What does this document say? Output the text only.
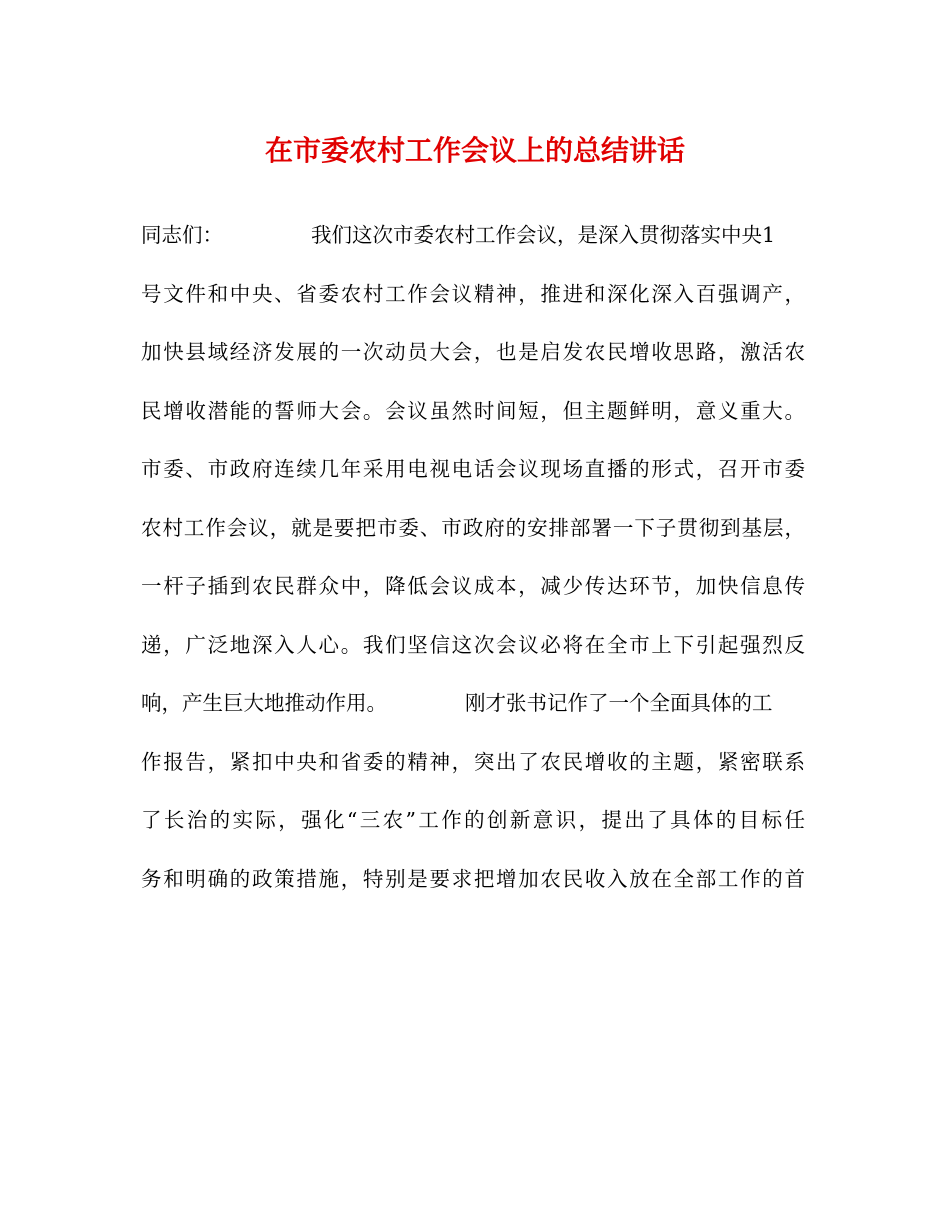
在市委农村工作会议上的总结讲话
同志们：	我们这次市委农村工作会议，是深入贯彻落实中央1
号文件和中央、省委农村工作会议精神，推进和深化深入百强调产，
加快县域经济发展的一次动员大会，也是启发农民增收思路，激活农
民增收潜能的誓师大会。会议虽然时间短，但主题鲜明，意义重大。
市委、市政府连续几年采用电视电话会议现场直播的形式，召开市委
农村工作会议，就是要把市委、市政府的安排部署一下子贯彻到基层，
一杆子插到农民群众中，降低会议成本，减少传达环节，加快信息传
递，广泛地深入人心。我们坚信这次会议必将在全市上下引起强烈反
响，产生巨大地推动作用。	刚才张书记作了一个全面具体的工
作报告，紧扣中央和省委的精神，突出了农民增收的主题，紧密联系
了长治的实际，强化“三农”工作的创新意识，提出了具体的目标任
务和明确的政策措施，特别是要求把增加农民收入放在全部工作的首
